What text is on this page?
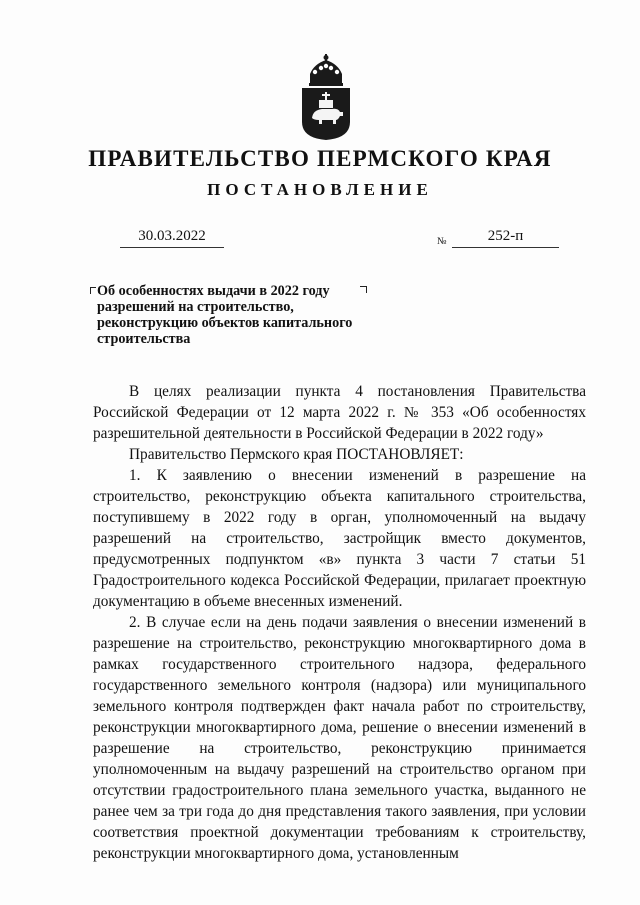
ПРАВИТЕЛЬСТВО ПЕРМСКОГО КРАЯ
ПОСТАНОВЛЕНИЕ
30.03.2022	№	252-п
Об особенностях выдачи в 2022 году разрешений на строительство, реконструкцию объектов капитального строительства

В целях реализации пункта 4 постановления Правительства Российской Федерации от 12 марта 2022 г. № 353 «Об особенностях разрешительной деятельности в Российской Федерации в 2022 году»

Правительство Пермского края ПОСТАНОВЛЯЕТ:

1. К заявлению о внесении изменений в разрешение на строительство, реконструкцию объекта капитального строительства, поступившему в 2022 году в орган, уполномоченный на выдачу разрешений на строительство, застройщик вместо документов, предусмотренных подпунктом «в» пункта 3 части 7 статьи 51 Градостроительного кодекса Российской Федерации, прилагает проектную документацию в объеме внесенных изменений.

2. В случае если на день подачи заявления о внесении изменений в разрешение на строительство, реконструкцию многоквартирного дома в рамках государственного строительного надзора, федерального государственного земельного контроля (надзора) или муниципального земельного контроля подтвержден факт начала работ по строительству, реконструкции многоквартирного дома, решение о внесении изменений в разрешение на строительство, реконструкцию принимается уполномоченным на выдачу разрешений на строительство органом при отсутствии градостроительного плана земельного участка, выданного не ранее чем за три года до дня представления такого заявления, при условии соответствия проектной документации требованиям к строительству, реконструкции многоквартирного дома, установленным
